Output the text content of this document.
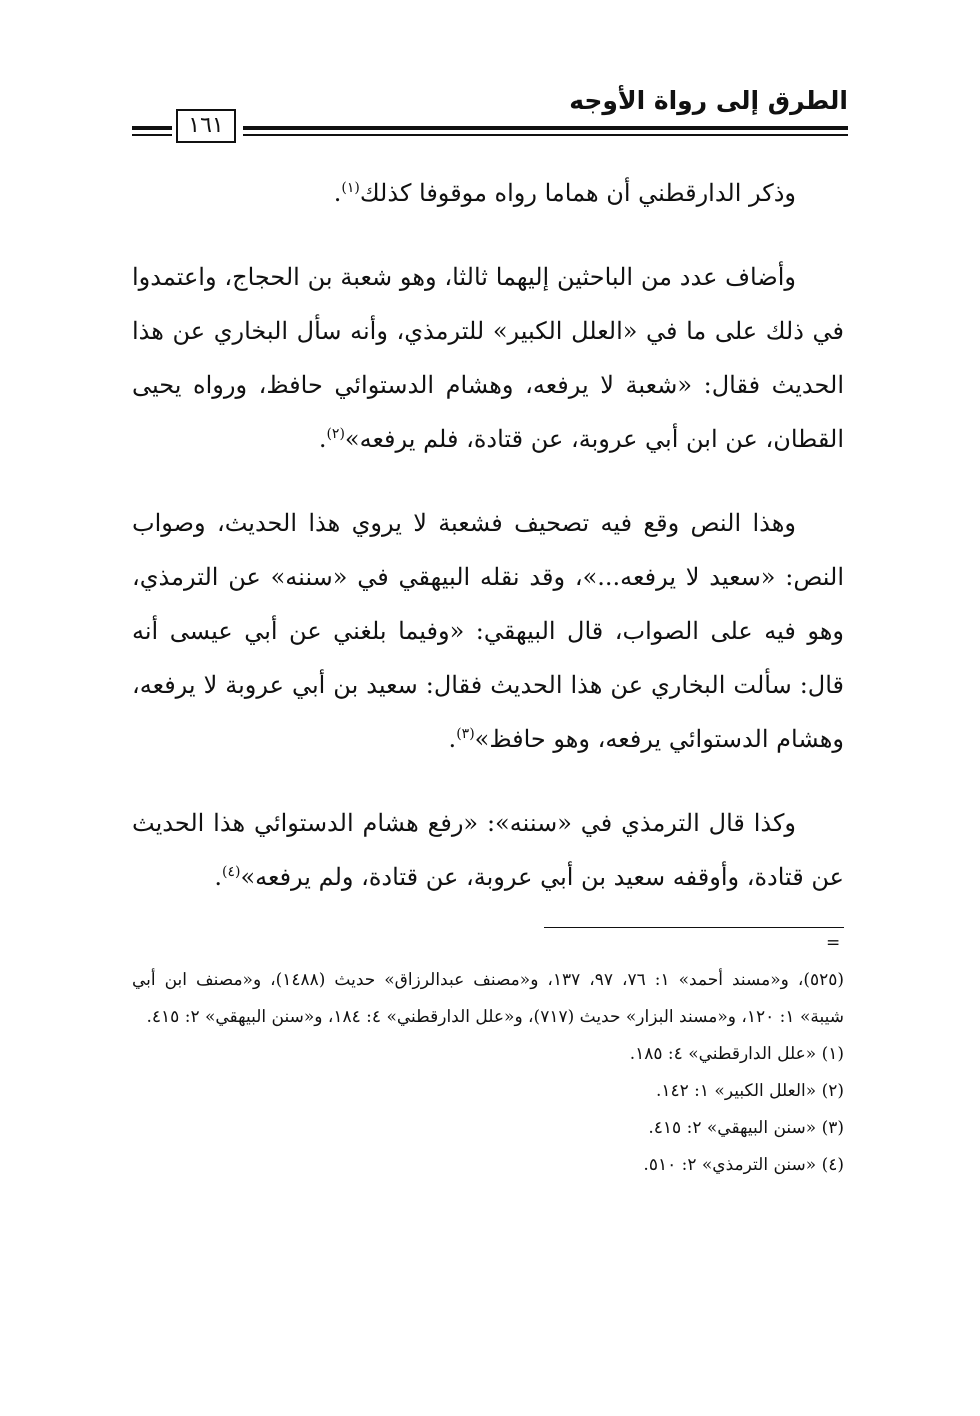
الطرق إلى رواة الأوجه
١٦١

وذكر الدارقطني أن هماما رواه موقوفا كذلك$^{(١)}$.

وأضاف عدد من الباحثين إليهما ثالثا، وهو شعبة بن الحجاج، واعتمدوا في ذلك على ما في «العلل الكبير» للترمذي، وأنه سأل البخاري عن هذا الحديث فقال: «شعبة لا يرفعه، وهشام الدستوائي حافظ، ورواه يحيى القطان، عن ابن أبي عروبة، عن قتادة، فلم يرفعه»$^{(٢)}$.

وهذا النص وقع فيه تصحيف فشعبة لا يروي هذا الحديث، وصواب النص: «سعيد لا يرفعه...»، وقد نقله البيهقي في «سننه» عن الترمذي، وهو فيه على الصواب، قال البيهقي: «وفيما بلغني عن أبي عيسى أنه قال: سألت البخاري عن هذا الحديث فقال: سعيد بن أبي عروبة لا يرفعه، وهشام الدستوائي يرفعه، وهو حافظ»$^{(٣)}$.

وكذا قال الترمذي في «سننه»: «رفع هشام الدستوائي هذا الحديث عن قتادة، وأوقفه سعيد بن أبي عروبة، عن قتادة، ولم يرفعه»$^{(٤)}$.

=
(٥٢٥)، و«مسند أحمد» ١: ٧٦، ٩٧، ١٣٧، و«مصنف عبدالرزاق» حديث (١٤٨٨)، و«مصنف ابن أبي شيبة» ١: ١٢٠، و«مسند البزار» حديث (٧١٧)، و«علل الدارقطني» ٤: ١٨٤، و«سنن البيهقي» ٢: ٤١٥.
(١) «علل الدارقطني» ٤: ١٨٥.
(٢) «العلل الكبير» ١: ١٤٢.
(٣) «سنن البيهقي» ٢: ٤١٥.
(٤) «سنن الترمذي» ٢: ٥١٠.
